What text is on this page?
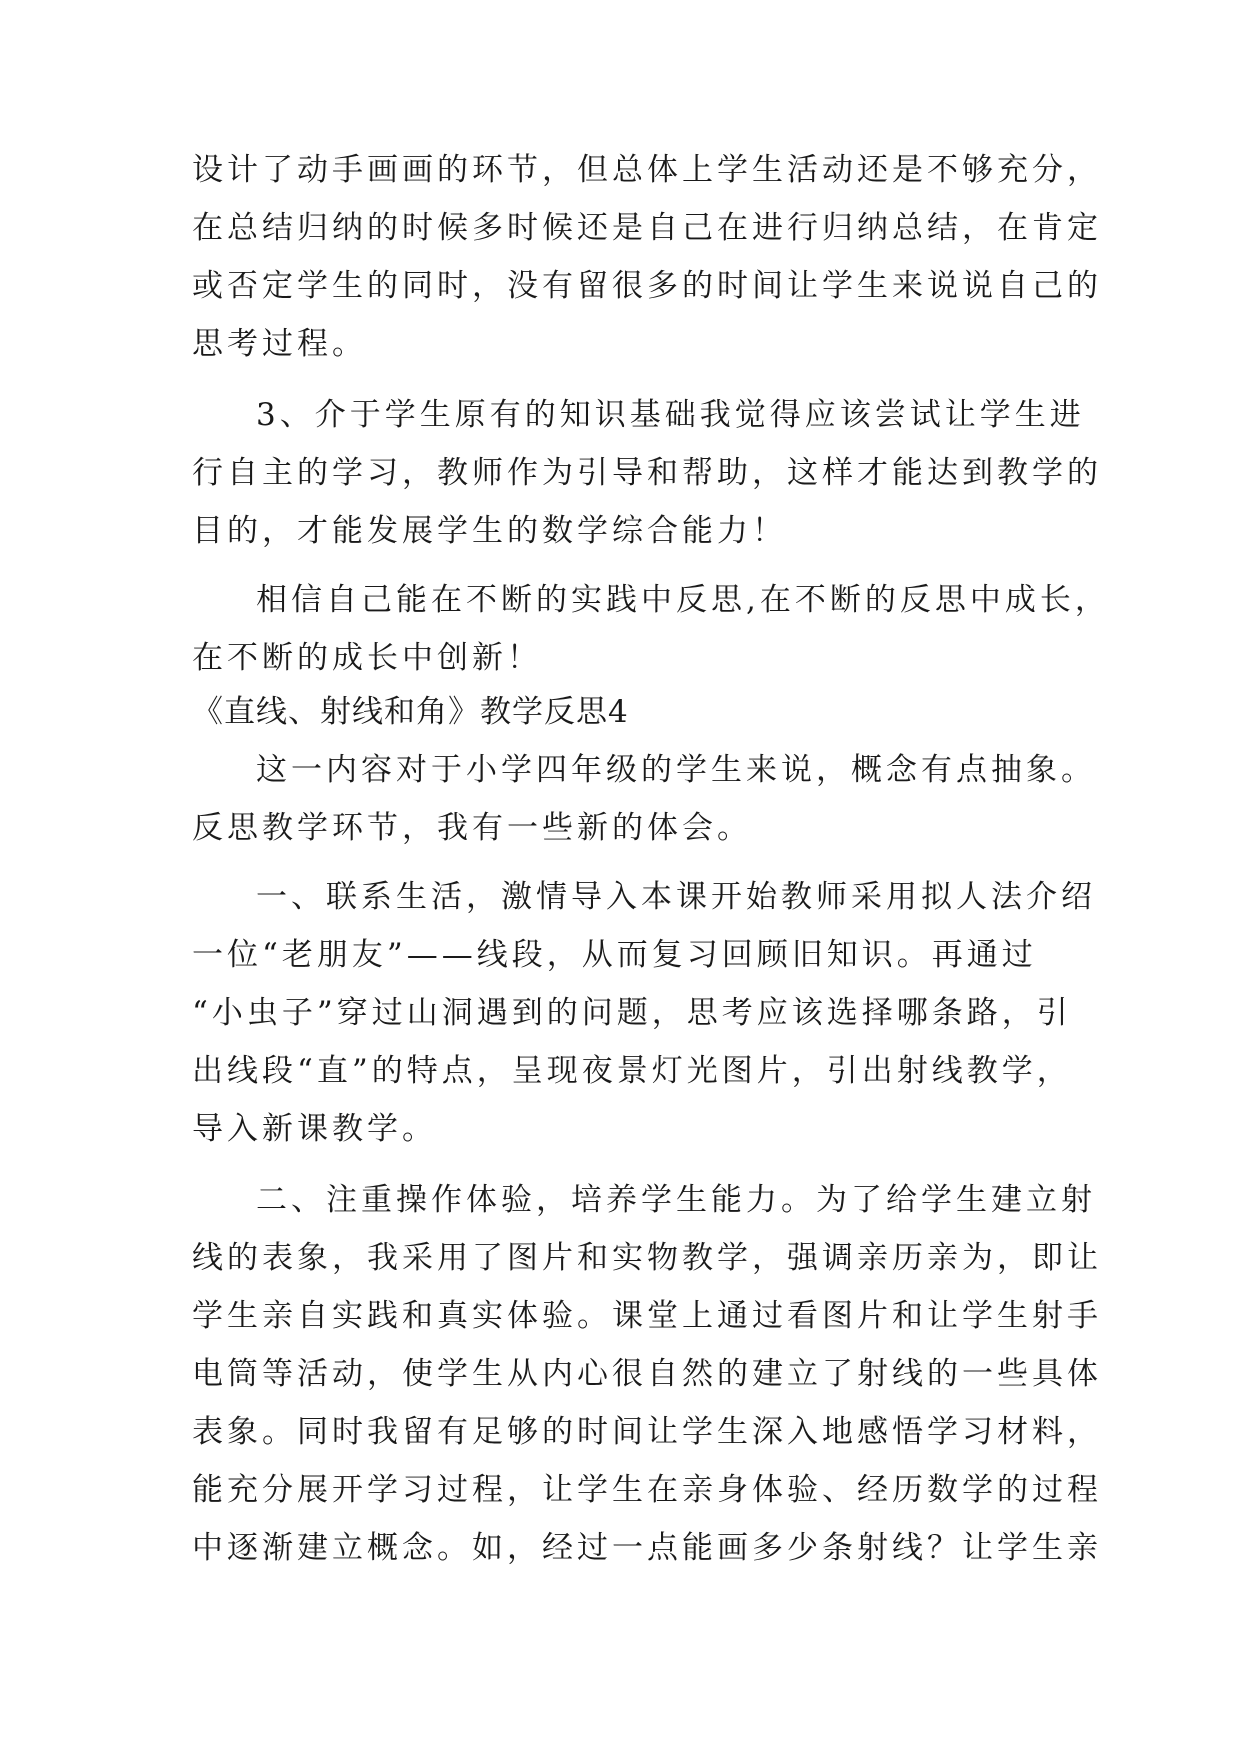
设计了动手画画的环节，但总体上学生活动还是不够充分，
在总结归纳的时候多时候还是自己在进行归纳总结，在肯定
或否定学生的同时，没有留很多的时间让学生来说说自己的
思考过程。
3、介于学生原有的知识基础我觉得应该尝试让学生进
行自主的学习，教师作为引导和帮助，这样才能达到教学的
目的，才能发展学生的数学综合能力！
相信自己能在不断的实践中反思,在不断的反思中成长，
在不断的成长中创新！
《直线、射线和角》教学反思4
这一内容对于小学四年级的学生来说，概念有点抽象。
反思教学环节，我有一些新的体会。
一、联系生活，激情导入本课开始教师采用拟人法介绍
一位“老朋友”——线段，从而复习回顾旧知识。再通过
“小虫子”穿过山洞遇到的问题，思考应该选择哪条路，引
出线段“直”的特点，呈现夜景灯光图片，引出射线教学，
导入新课教学。
二、注重操作体验，培养学生能力。为了给学生建立射
线的表象，我采用了图片和实物教学，强调亲历亲为，即让
学生亲自实践和真实体验。课堂上通过看图片和让学生射手
电筒等活动，使学生从内心很自然的建立了射线的一些具体
表象。同时我留有足够的时间让学生深入地感悟学习材料，
能充分展开学习过程，让学生在亲身体验、经历数学的过程
中逐渐建立概念。如，经过一点能画多少条射线？让学生亲
